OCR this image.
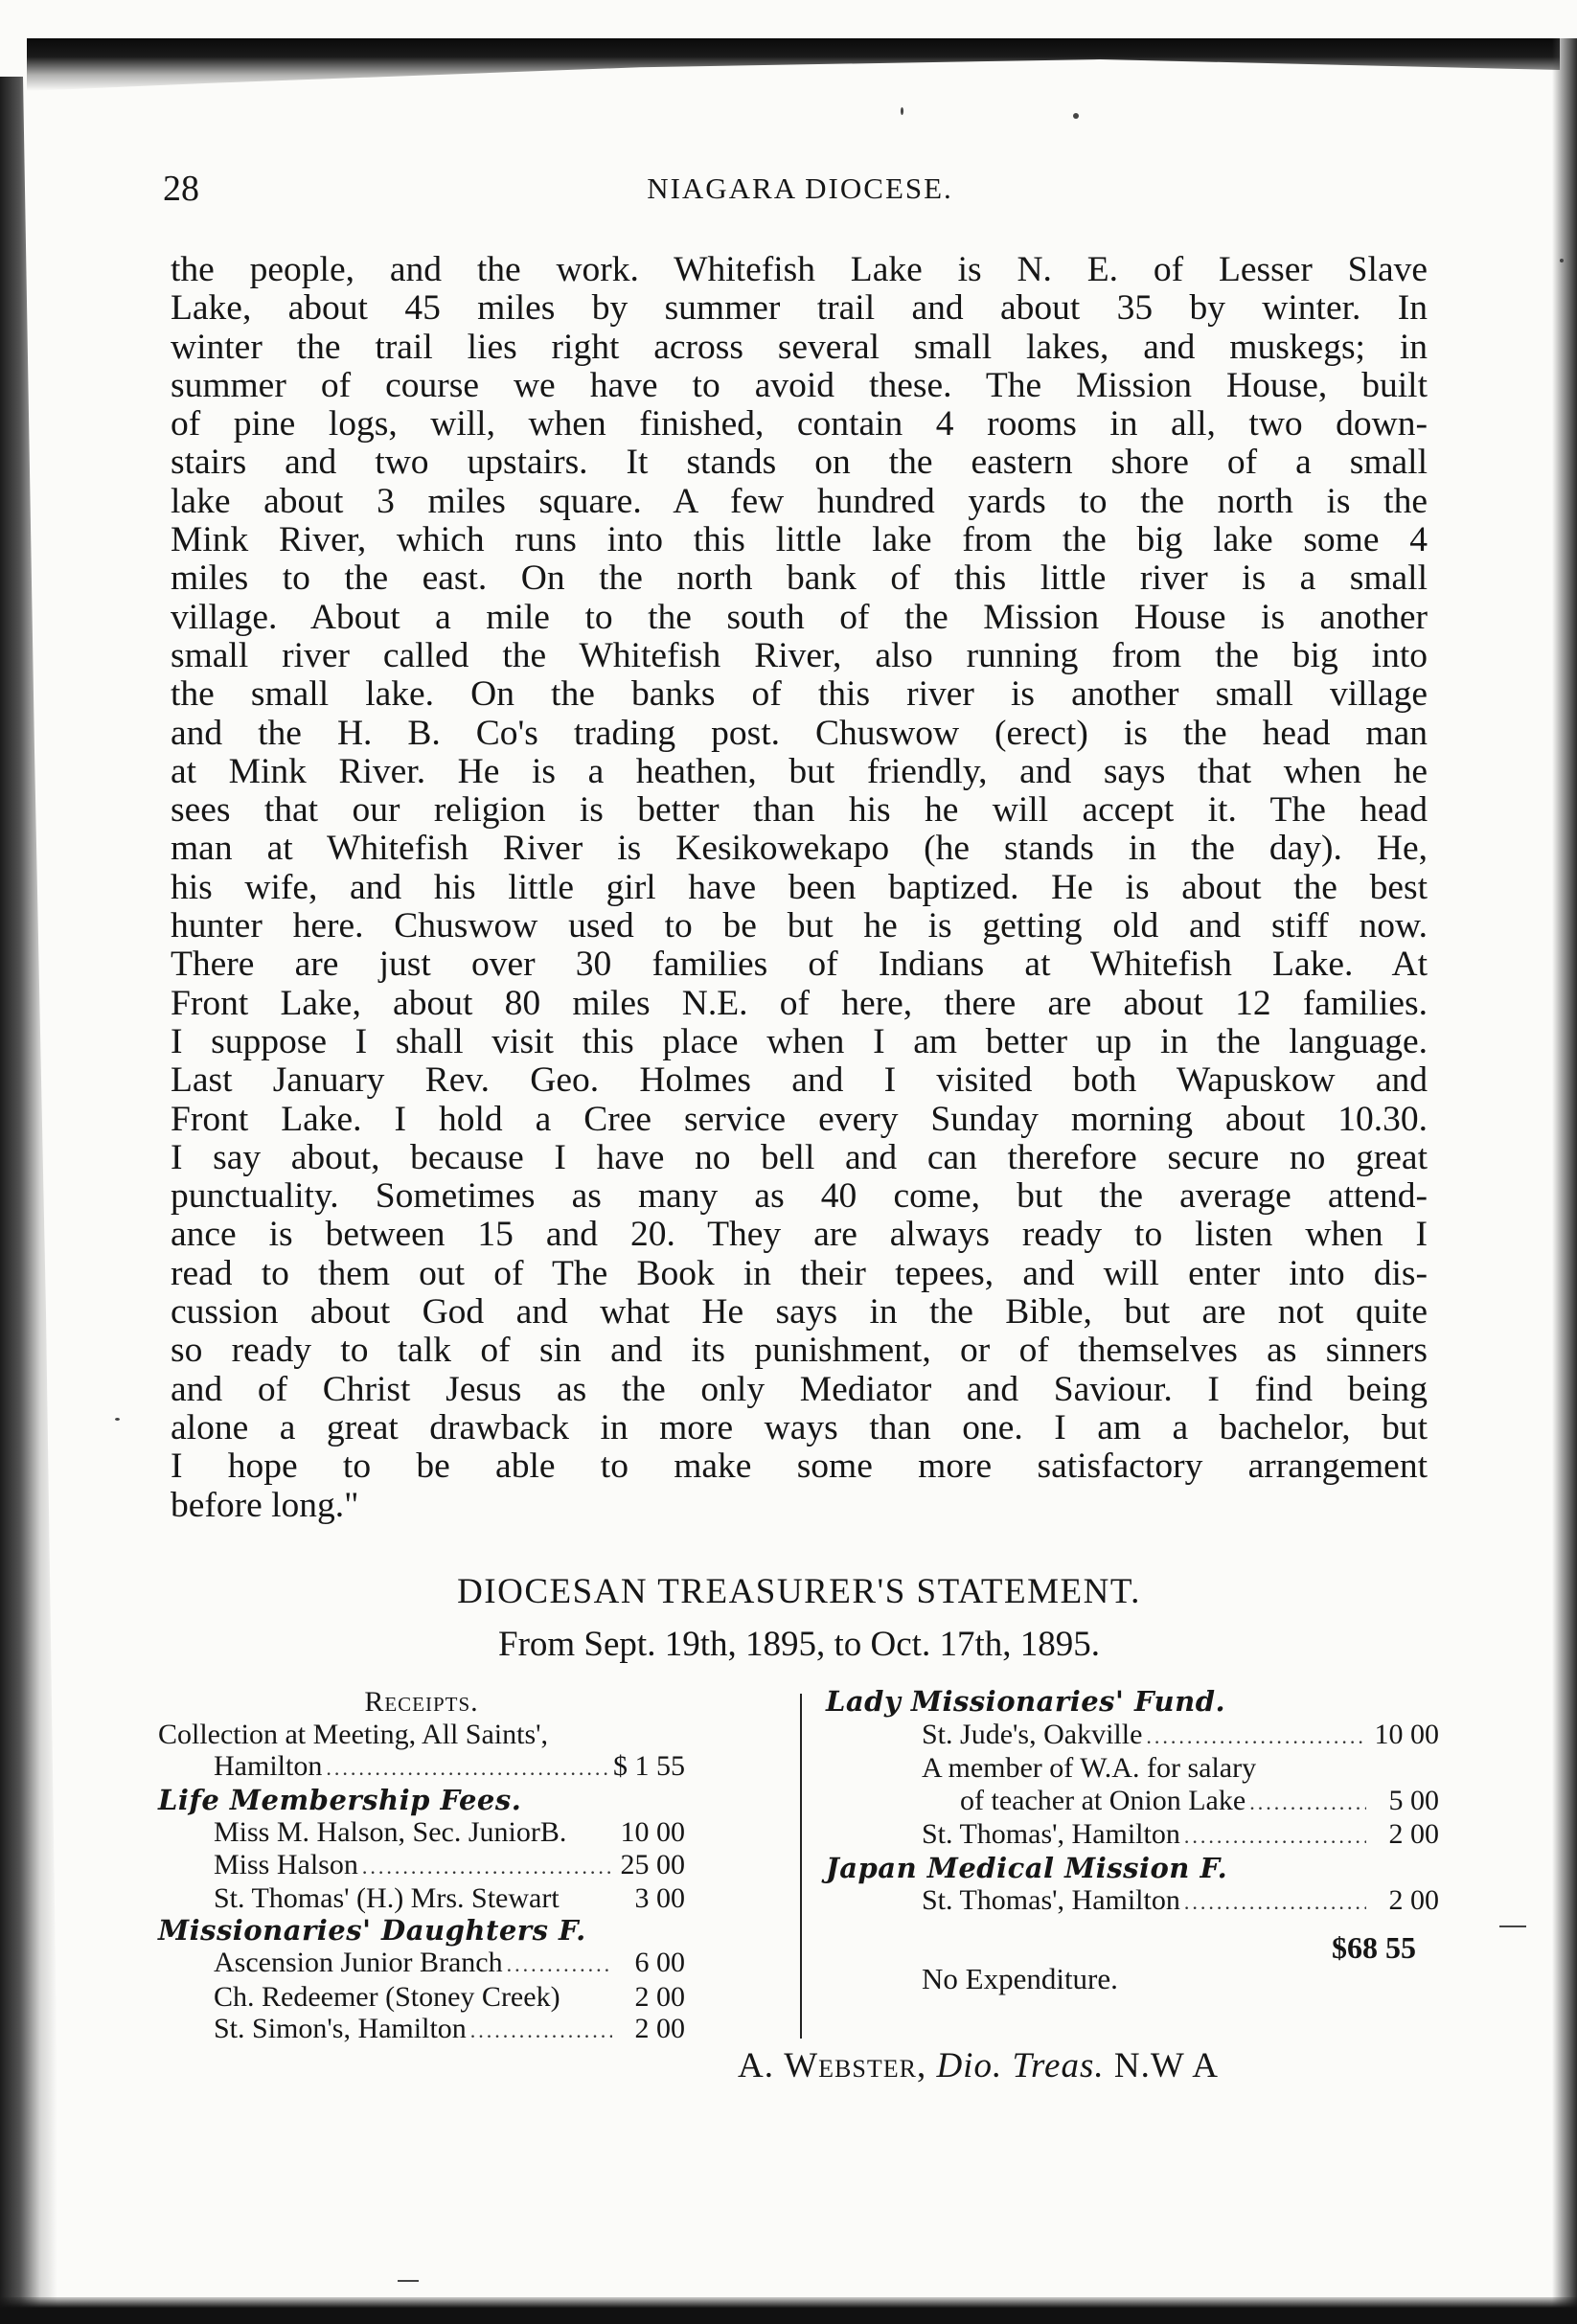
28	NIAGARA DIOCESE.
the people, and the work. Whitefish Lake is N. E. of Lesser Slave
Lake, about 45 miles by summer trail and about 35 by winter. In
winter the trail lies right across several small lakes, and muskegs; in
summer of course we have to avoid these. The Mission House, built
of pine logs, will, when finished, contain 4 rooms in all, two down-
stairs and two upstairs. It stands on the eastern shore of a small
lake about 3 miles square. A few hundred yards to the north is the
Mink River, which runs into this little lake from the big lake some 4
miles to the east. On the north bank of this little river is a small
village. About a mile to the south of the Mission House is another
small river called the Whitefish River, also running from the big into
the small lake. On the banks of this river is another small village
and the H. B. Co's trading post. Chuswow (erect) is the head man
at Mink River. He is a heathen, but friendly, and says that when he
sees that our religion is better than his he will accept it. The head
man at Whitefish River is Kesikowekapo (he stands in the day). He,
his wife, and his little girl have been baptized. He is about the best
hunter here. Chuswow used to be but he is getting old and stiff now.
There are just over 30 families of Indians at Whitefish Lake. At
Front Lake, about 80 miles N.E. of here, there are about 12 families.
I suppose I shall visit this place when I am better up in the language.
Last January Rev. Geo. Holmes and I visited both Wapuskow and
Front Lake. I hold a Cree service every Sunday morning about 10.30.
I say about, because I have no bell and can therefore secure no great
punctuality. Sometimes as many as 40 come, but the average attend-
ance is between 15 and 20. They are always ready to listen when I
read to them out of The Book in their tepees, and will enter into dis-
cussion about God and what He says in the Bible, but are not quite
so ready to talk of sin and its punishment, or of themselves as sinners
and of Christ Jesus as the only Mediator and Saviour. I find being
alone a great drawback in more ways than one. I am a bachelor, but
I hope to be able to make some more satisfactory arrangement
before long."
DIOCESAN TREASURER'S STATEMENT.
From Sept. 19th, 1895, to Oct. 17th, 1895.
Receipts.
Collection at Meeting, All Saints',
Hamilton .....	$ 1 55
Life Membership Fees.
Miss M. Halson, Sec. JuniorB. 10 00
Miss Halson .....	25 00
St. Thomas' (H.) Mrs. Stewart	3 00
Missionaries' Daughters F.
Ascension Junior Branch .....	6 00
Ch. Redeemer (Stoney Creek)	2 00
St. Simon's, Hamilton .....	2 00
Lady Missionaries' Fund.
St. Jude's, Oakville .....	10 00
A member of W.A. for salary
of teacher at Onion Lake .....	5 00
St. Thomas', Hamilton .....	2 00
Japan Medical Mission F.
St. Thomas', Hamilton .....	2 00
$68 55
No Expenditure.
A. Webster, Dio. Treas. N.W A
